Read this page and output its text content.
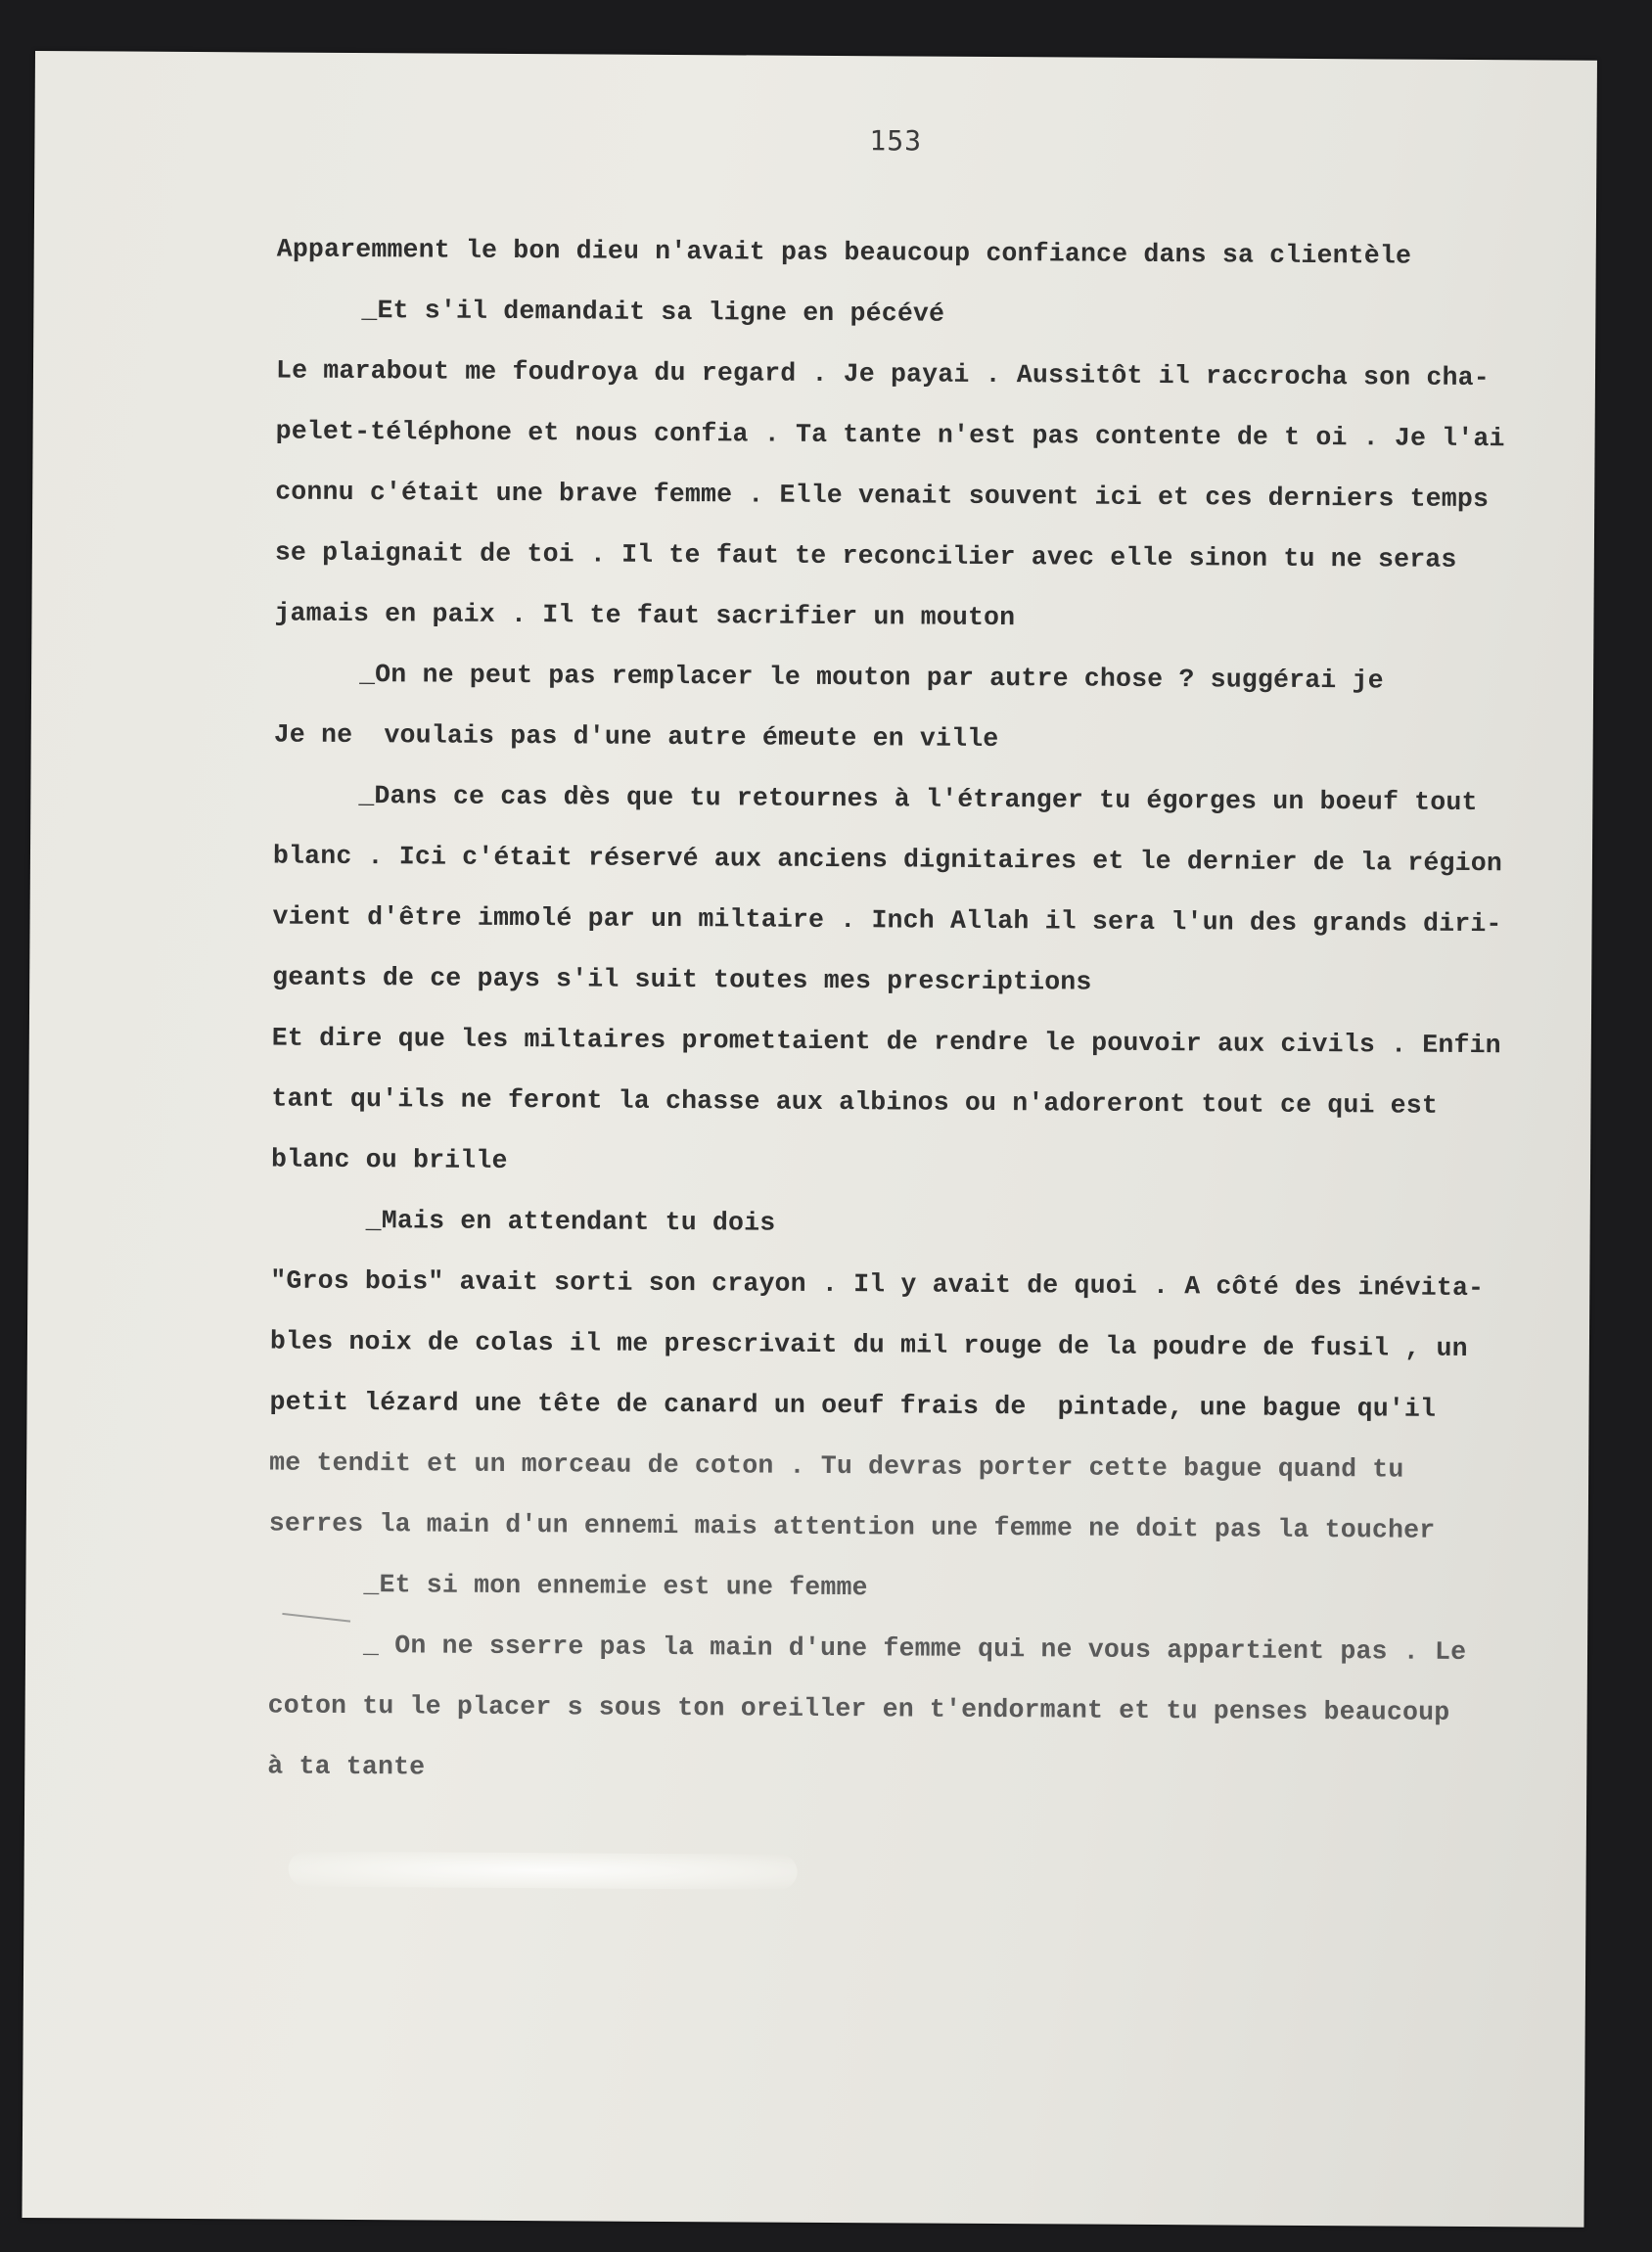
153
Apparemment le bon dieu n'avait pas beaucoup confiance dans sa clientèle
_Et s'il demandait sa ligne en pécévé
Le marabout me foudroya du regard . Je payai . Aussitôt il raccrocha son cha-
pelet-téléphone et nous confia . Ta tante n'est pas contente de t oi . Je l'ai
connu c'était une brave femme . Elle venait souvent ici et ces derniers temps
se plaignait de toi . Il te faut te reconcilier avec elle sinon tu ne seras
jamais en paix . Il te faut sacrifier un mouton
_On ne peut pas remplacer le mouton par autre chose ? suggérai je
Je ne  voulais pas d'une autre émeute en ville
_Dans ce cas dès que tu retournes à l'étranger tu égorges un boeuf tout
blanc . Ici c'était réservé aux anciens dignitaires et le dernier de la région
vient d'être immolé par un miltaire . Inch Allah il sera l'un des grands diri-
geants de ce pays s'il suit toutes mes prescriptions
Et dire que les miltaires promettaient de rendre le pouvoir aux civils . Enfin
tant qu'ils ne feront la chasse aux albinos ou n'adoreront tout ce qui est
blanc ou brille
_Mais en attendant tu dois
"Gros bois" avait sorti son crayon . Il y avait de quoi . A côté des inévita-
bles noix de colas il me prescrivait du mil rouge de la poudre de fusil , un
petit lézard une tête de canard un oeuf frais de  pintade, une bague qu'il
me tendit et un morceau de coton . Tu devras porter cette bague quand tu
serres la main d'un ennemi mais attention une femme ne doit pas la toucher
_Et si mon ennemie est une femme
_ On ne sserre pas la main d'une femme qui ne vous appartient pas . Le
coton tu le placer s sous ton oreiller en t'endormant et tu penses beaucoup
à ta tante
